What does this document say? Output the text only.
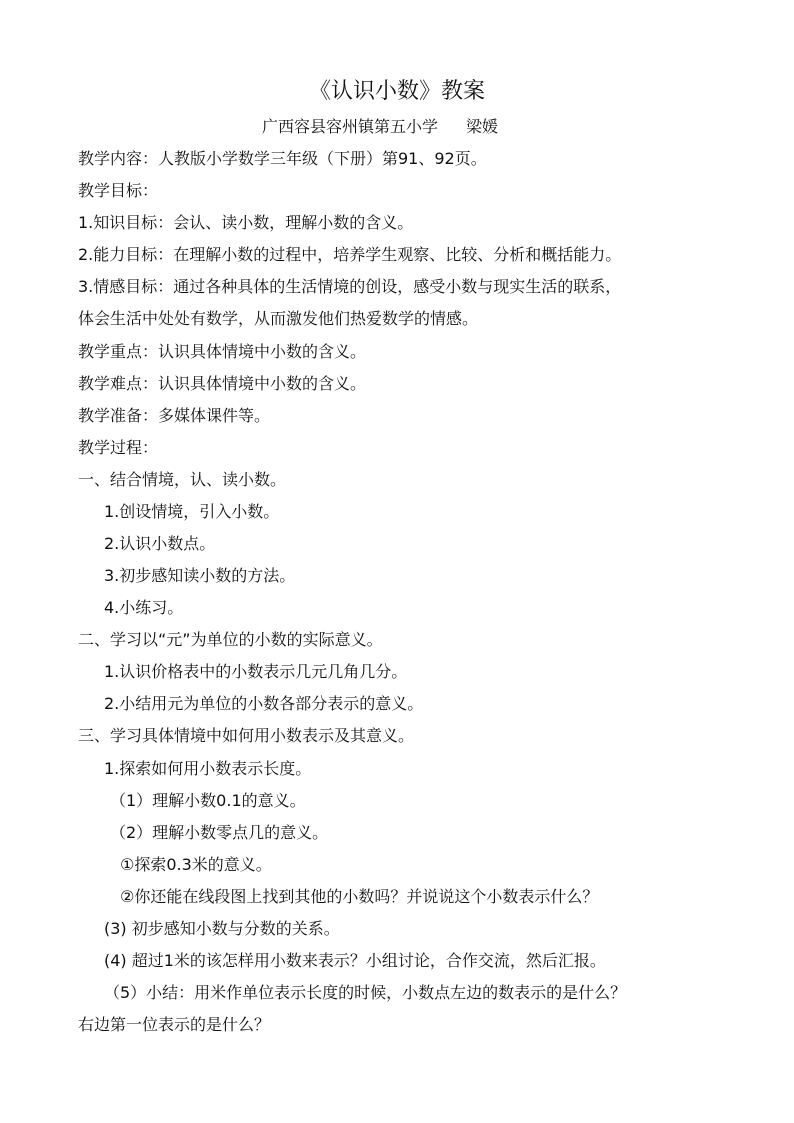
《认识小数》教案
广西容县容州镇第五小学 梁媛

教学内容：人教版小学数学三年级（下册）第91、92页。

教学目标：

1.知识目标：会认、读小数，理解小数的含义。

2.能力目标：在理解小数的过程中，培养学生观察、比较、分析和概括能力。

3.情感目标：通过各种具体的生活情境的创设，感受小数与现实生活的联系，

体会生活中处处有数学，从而激发他们热爱数学的情感。

教学重点：认识具体情境中小数的含义。

教学难点：认识具体情境中小数的含义。

教学准备：多媒体课件等。

教学过程：

一、结合情境，认、读小数。

1.创设情境，引入小数。

2.认识小数点。

3.初步感知读小数的方法。

4.小练习。

二、学习以“元”为单位的小数的实际意义。

1.认识价格表中的小数表示几元几角几分。

2.小结用元为单位的小数各部分表示的意义。

三、学习具体情境中如何用小数表示及其意义。

1.探索如何用小数表示长度。

（1）理解小数0.1的意义。

（2）理解小数零点几的意义。

①探索0.3米的意义。

②你还能在线段图上找到其他的小数吗？并说说这个小数表示什么？

(3) 初步感知小数与分数的关系。

(4) 超过1米的该怎样用小数来表示？小组讨论，合作交流，然后汇报。

（5）小结：用米作单位表示长度的时候，小数点左边的数表示的是什么？

右边第一位表示的是什么？
